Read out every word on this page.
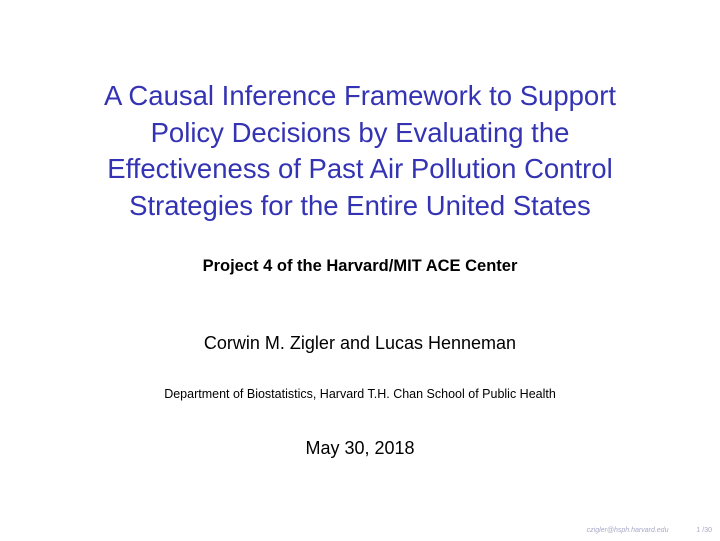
A Causal Inference Framework to Support
Policy Decisions by Evaluating the
Effectiveness of Past Air Pollution Control
Strategies for the Entire United States
Project 4 of the Harvard/MIT ACE Center
Corwin M. Zigler and Lucas Henneman
Department of Biostatistics, Harvard T.H. Chan School of Public Health
May 30, 2018
czigler@hsph.harvard.edu	1 /30
